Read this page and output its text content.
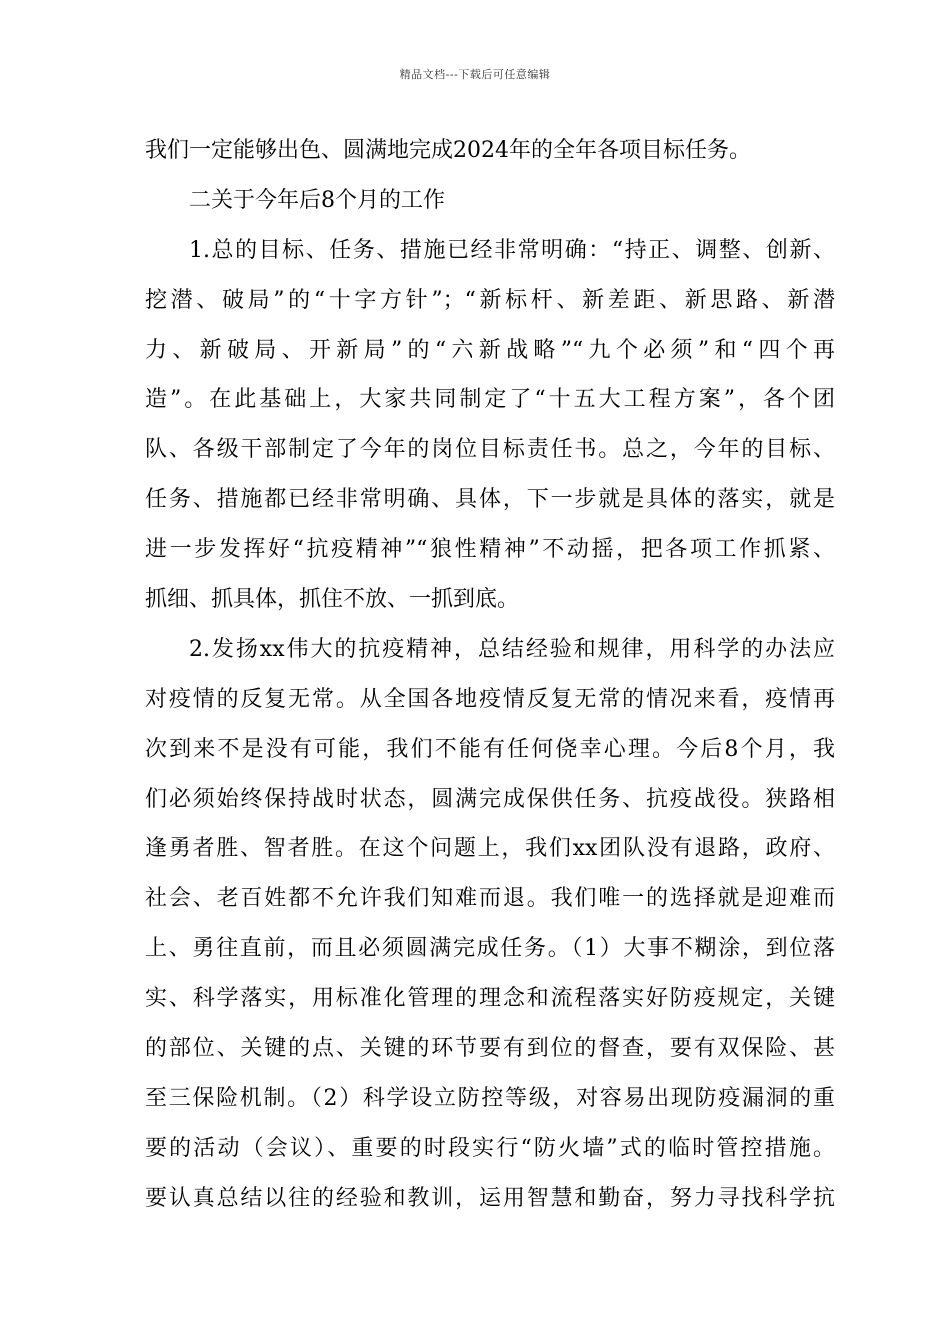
精品文档---下载后可任意编辑
我们一定能够出色、圆满地完成2024年的全年各项目标任务。
二关于今年后8个月的工作
1.总的目标、任务、措施已经非常明确：“持正、调整、创新、
挖潜、破局”的“十字方针”；“新标杆、新差距、新思路、新潜
力、新破局、开新局”的“六新战略”“九个必须”和“四个再
造”。在此基础上，大家共同制定了“十五大工程方案”，各个团
队、各级干部制定了今年的岗位目标责任书。总之，今年的目标、
任务、措施都已经非常明确、具体，下一步就是具体的落实，就是
进一步发挥好“抗疫精神”“狼性精神”不动摇，把各项工作抓紧、
抓细、抓具体，抓住不放、一抓到底。
2.发扬xx伟大的抗疫精神，总结经验和规律，用科学的办法应
对疫情的反复无常。从全国各地疫情反复无常的情况来看，疫情再
次到来不是没有可能，我们不能有任何侥幸心理。今后8个月，我
们必须始终保持战时状态，圆满完成保供任务、抗疫战役。狭路相
逢勇者胜、智者胜。在这个问题上，我们xx团队没有退路，政府、
社会、老百姓都不允许我们知难而退。我们唯一的选择就是迎难而
上、勇往直前，而且必须圆满完成任务。（1）大事不糊涂，到位落
实、科学落实，用标准化管理的理念和流程落实好防疫规定，关键
的部位、关键的点、关键的环节要有到位的督查，要有双保险、甚
至三保险机制。（2）科学设立防控等级，对容易出现防疫漏洞的重
要的活动（会议）、重要的时段实行“防火墙”式的临时管控措施。
要认真总结以往的经验和教训，运用智慧和勤奋，努力寻找科学抗
